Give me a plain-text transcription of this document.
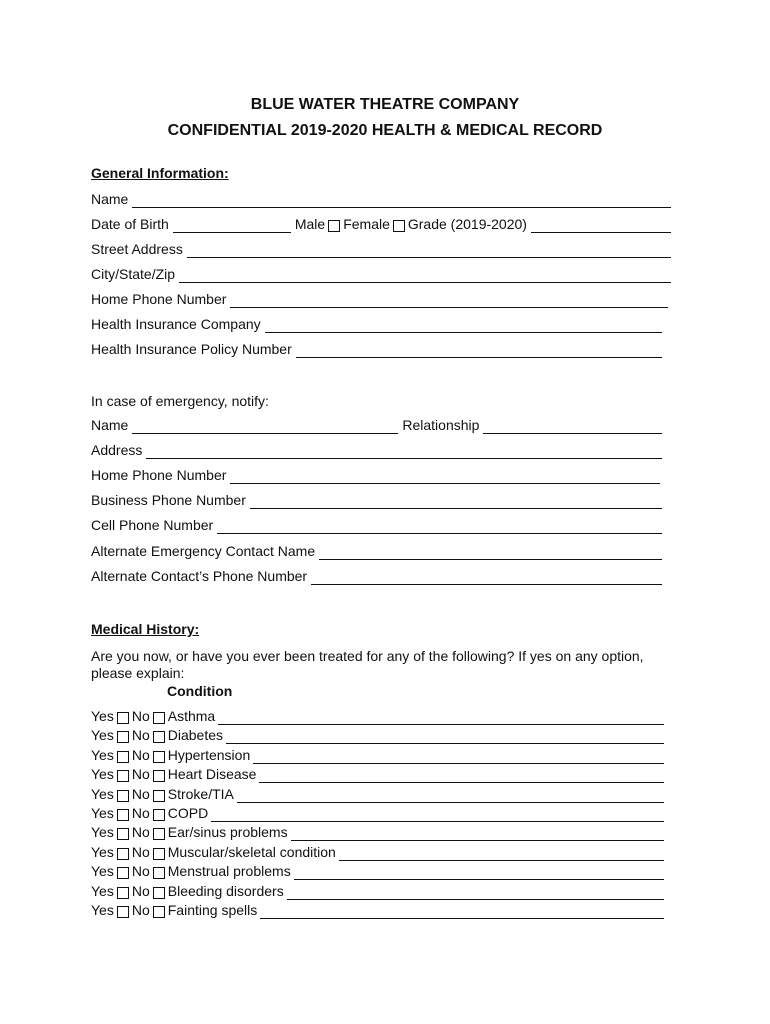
BLUE WATER THEATRE COMPANY
CONFIDENTIAL 2019-2020 HEALTH & MEDICAL RECORD
General Information:
Name
Date of Birth	Male Female Grade (2019-2020)
Street Address
City/State/Zip
Home Phone Number
Health Insurance Company
Health Insurance Policy Number
In case of emergency, notify:
Name	Relationship
Address
Home Phone Number
Business Phone Number
Cell Phone Number
Alternate Emergency Contact Name
Alternate Contact’s Phone Number
Medical History:
Are you now, or have you ever been treated for any of the following? If yes on any option, please explain:
Condition
Yes No Asthma
Yes No Diabetes
Yes No Hypertension
Yes No Heart Disease
Yes No Stroke/TIA
Yes No COPD
Yes No Ear/sinus problems
Yes No Muscular/skeletal condition
Yes No Menstrual problems
Yes No Bleeding disorders
Yes No Fainting spells
